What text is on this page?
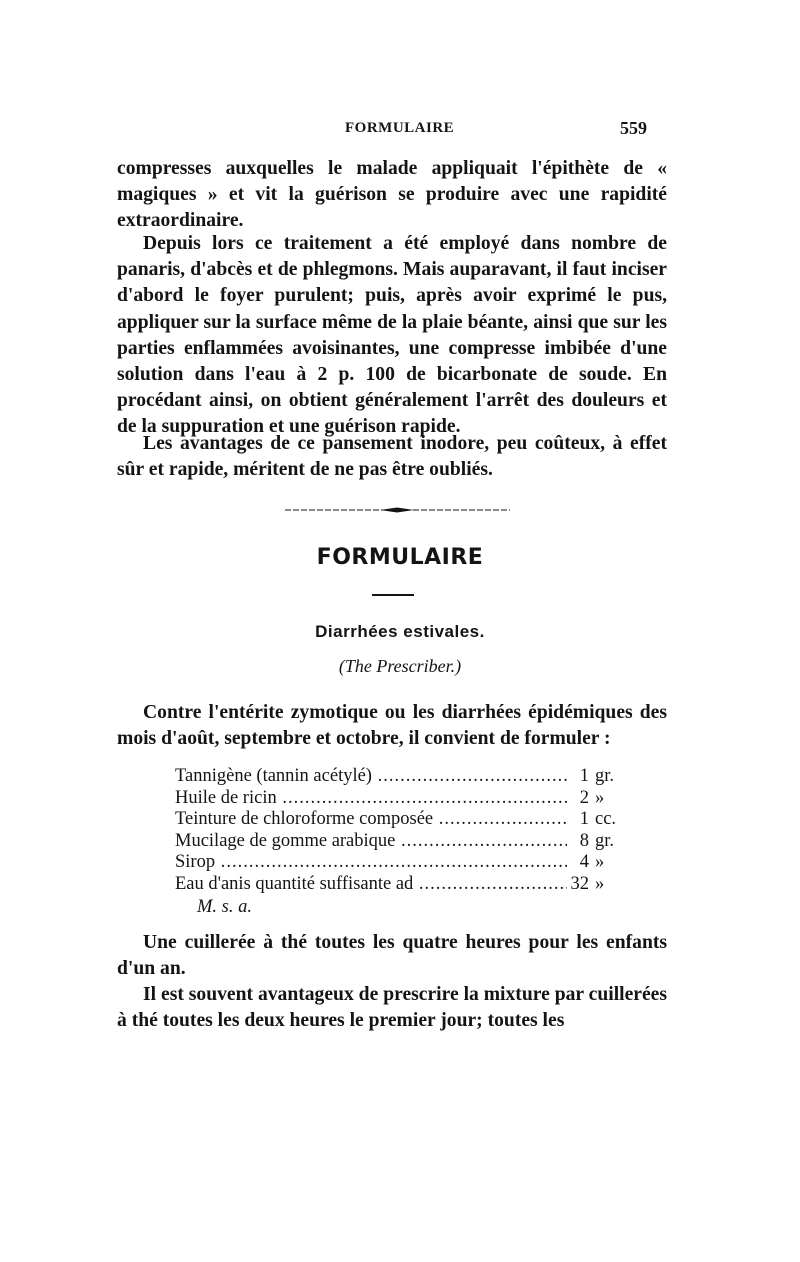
FORMULAIRE	559

compresses auxquelles le malade appliquait l'épithète de « magiques » et vit la guérison se produire avec une rapidité extraordinaire.

Depuis lors ce traitement a été employé dans nombre de panaris, d'abcès et de phlegmons. Mais auparavant, il faut inciser d'abord le foyer purulent; puis, après avoir exprimé le pus, appliquer sur la surface même de la plaie béante, ainsi que sur les parties enflammées avoisinantes, une compresse imbibée d'une solution dans l'eau à 2 p. 100 de bicarbonate de soude. En procédant ainsi, on obtient généralement l'arrêt des douleurs et de la suppuration et une guérison rapide.

Les avantages de ce pansement inodore, peu coûteux, à effet sûr et rapide, méritent de ne pas être oubliés.

FORMULAIRE
Diarrhées estivales.
(The Prescriber.)

Contre l'entérite zymotique ou les diarrhées épidémiques des mois d'août, septembre et octobre, il convient de formuler :

Tannigène (tannin acétylé) .....	1 gr.
Huile de ricin .....	2 »
Teinture de chloroforme composée .....	1 cc.
Mucilage de gomme arabique .....	8 gr.
Sirop .....	4 »
Eau d'anis quantité suffisante ad .....	32 »
M. s. a.

Une cuillerée à thé toutes les quatre heures pour les enfants d'un an.

Il est souvent avantageux de prescrire la mixture par cuillerées à thé toutes les deux heures le premier jour; toutes les
